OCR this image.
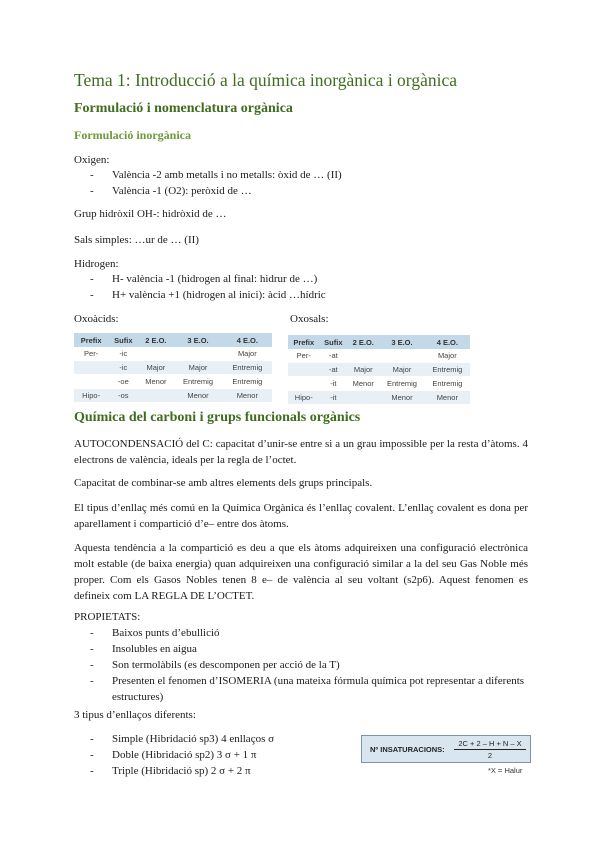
Tema 1: Introducció a la química inorgànica i orgànica
Formulació i nomenclatura orgànica
Formulació inorgànica
Oxigen:
- València -2 amb metalls i no metalls: òxid de … (II)
- València -1 (O2): peròxid de …
Grup hidròxil OH-: hidròxid de …
Sals simples: …ur de … (II)
Hidrogen:
- H- valència -1 (hidrogen al final: hidrur de …)
- H+ valència +1 (hidrogen al inici): àcid …hídric
Oxoàcids:
Prefix	Sufix	2 E.O.	3 E.O.	4 E.O.
Per-	-ic			Major
	-ic	Major	Major	Entremig
	-oe	Menor	Entremig	Entremig
Hipo-	-os		Menor	Menor
Oxosals:
Prefix	Sufix	2 E.O.	3 E.O.	4 E.O.
Per-	-at			Major
	-at	Major	Major	Entremig
	-it	Menor	Entremig	Entremig
Hipo-	-it		Menor	Menor
Química del carboni i grups funcionals orgànics
AUTOCONDENSACIÓ del C: capacitat d’unir-se entre si a un grau impossible per la resta d’àtoms. 4 electrons de valència, ideals per la regla de l’octet.
Capacitat de combinar-se amb altres elements dels grups principals.
El tipus d’enllaç més comú en la Química Orgànica és l’enllaç covalent. L’enllaç covalent es dona per aparellament i compartició d’e– entre dos àtoms.
Aquesta tendència a la compartició es deu a que els àtoms adquireixen una configuració electrònica molt estable (de baixa energia) quan adquireixen una configuració similar a la del seu Gas Noble més proper. Com els Gasos Nobles tenen 8 e– de valència al seu voltant (s2p6). Aquest fenomen es defineix com LA REGLA DE L’OCTET.
PROPIETATS:
- Baixos punts d’ebullició
- Insolubles en aigua
- Son termolàbils (es descomponen per acció de la T)
- Presenten el fenomen d’ISOMERIA (una mateixa fórmula química pot representar a diferents estructures)
3 tipus d’enllaços diferents:
- Simple (Hibridació sp3) 4 enllaços σ
- Doble (Hibridació sp2) 3 σ + 1 π
- Triple (Hibridació sp) 2 σ + 2 π
Nº INSATURACIONS:
2C + 2 – H + N – X
2
*X = Halur
